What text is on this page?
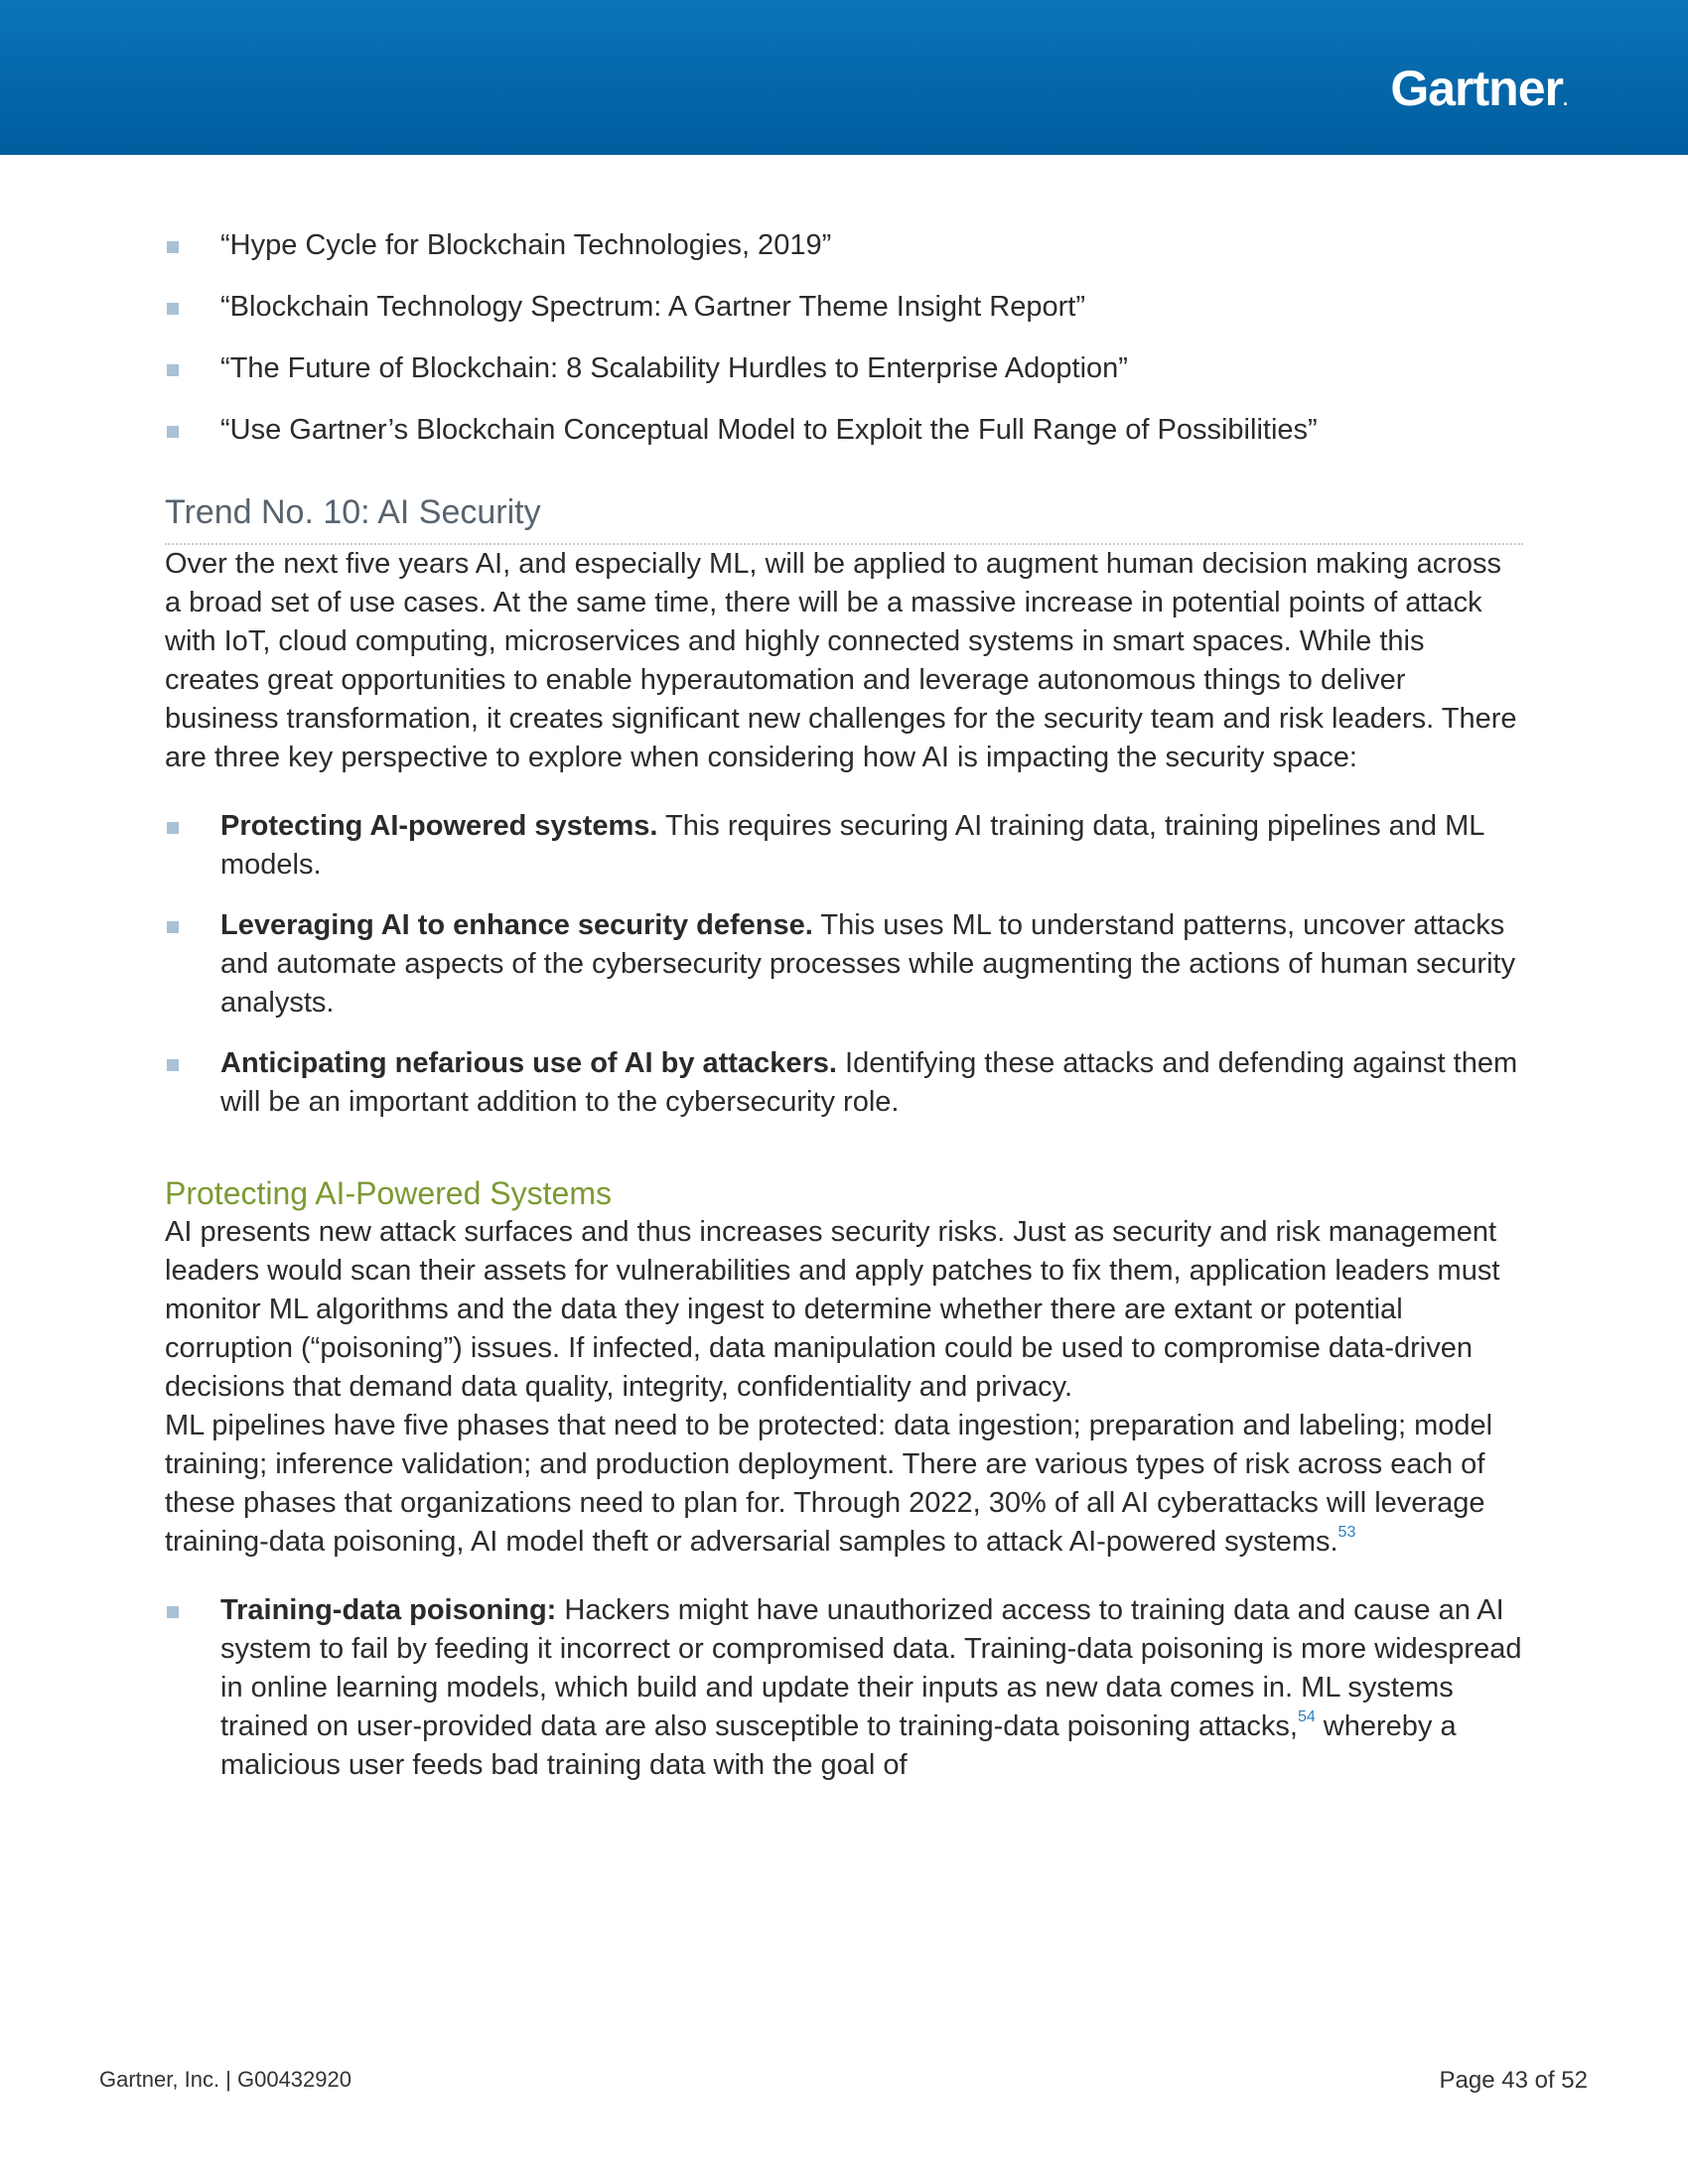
Gartner.
“Hype Cycle for Blockchain Technologies, 2019”
“Blockchain Technology Spectrum: A Gartner Theme Insight Report”
“The Future of Blockchain: 8 Scalability Hurdles to Enterprise Adoption”
“Use Gartner’s Blockchain Conceptual Model to Exploit the Full Range of Possibilities”
Trend No. 10: AI Security

Over the next five years AI, and especially ML, will be applied to augment human decision making across a broad set of use cases. At the same time, there will be a massive increase in potential points of attack with IoT, cloud computing, microservices and highly connected systems in smart spaces. While this creates great opportunities to enable hyperautomation and leverage autonomous things to deliver business transformation, it creates significant new challenges for the security team and risk leaders. There are three key perspective to explore when considering how AI is impacting the security space:

Protecting AI-powered systems. This requires securing AI training data, training pipelines and ML models.
Leveraging AI to enhance security defense. This uses ML to understand patterns, uncover attacks and automate aspects of the cybersecurity processes while augmenting the actions of human security analysts.
Anticipating nefarious use of AI by attackers. Identifying these attacks and defending against them will be an important addition to the cybersecurity role.
Protecting AI-Powered Systems

AI presents new attack surfaces and thus increases security risks. Just as security and risk management leaders would scan their assets for vulnerabilities and apply patches to fix them, application leaders must monitor ML algorithms and the data they ingest to determine whether there are extant or potential corruption (“poisoning”) issues. If infected, data manipulation could be used to compromise data-driven decisions that demand data quality, integrity, confidentiality and privacy.

ML pipelines have five phases that need to be protected: data ingestion; preparation and labeling; model training; inference validation; and production deployment. There are various types of risk across each of these phases that organizations need to plan for. Through 2022, 30% of all AI cyberattacks will leverage training-data poisoning, AI model theft or adversarial samples to attack AI-powered systems.$^{53}$

Training-data poisoning: Hackers might have unauthorized access to training data and cause an AI system to fail by feeding it incorrect or compromised data. Training-data poisoning is more widespread in online learning models, which build and update their inputs as new data comes in. ML systems trained on user-provided data are also susceptible to training-data poisoning attacks,$^{54}$ whereby a malicious user feeds bad training data with the goal of
Gartner, Inc. | G00432920	Page 43 of 52
